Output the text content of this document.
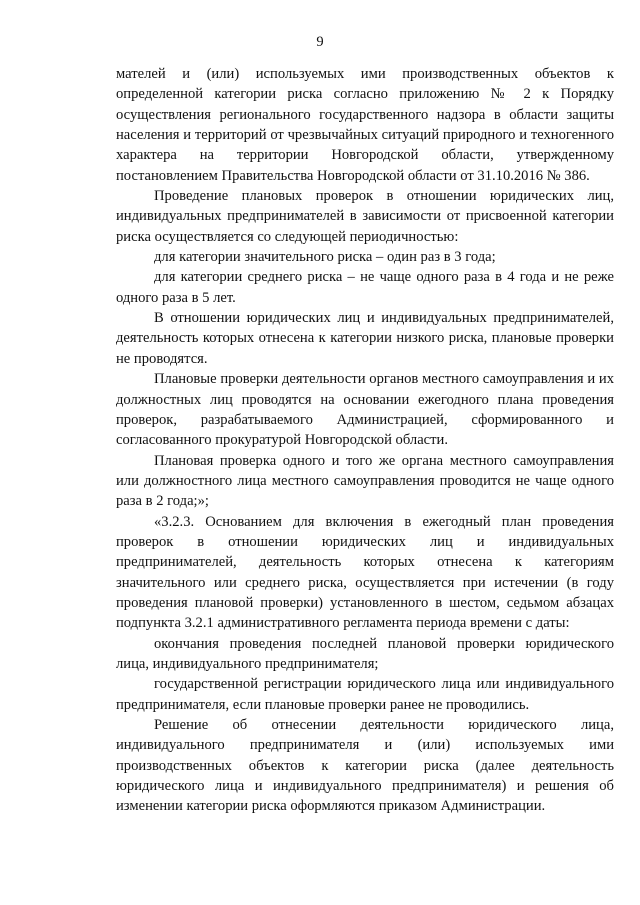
9

мателей и (или) используемых ими производственных объектов к определенной категории риска согласно приложению № 2 к Порядку осуществления регионального государственного надзора в области защиты населения и территорий от чрезвычайных ситуаций природного и техногенного характера на территории Новгородской области, утвержденному постановлением Правительства Новгородской области от 31.10.2016 № 386.

Проведение плановых проверок в отношении юридических лиц, индивидуальных предпринимателей в зависимости от присвоенной категории риска осуществляется со следующей периодичностью:

для категории значительного риска – один раз в 3 года;

для категории среднего риска – не чаще одного раза в 4 года и не реже одного раза в 5 лет.

В отношении юридических лиц и индивидуальных предпринимателей, деятельность которых отнесена к категории низкого риска, плановые проверки не проводятся.

Плановые проверки деятельности органов местного самоуправления и их должностных лиц проводятся на основании ежегодного плана проведения проверок, разрабатываемого Администрацией, сформированного и согласованного прокуратурой Новгородской области.

Плановая проверка одного и того же органа местного самоуправления или должностного лица местного самоуправления проводится не чаще одного раза в 2 года;»;

«3.2.3. Основанием для включения в ежегодный план проведения проверок в отношении юридических лиц и индивидуальных предпринимателей, деятельность которых отнесена к категориям значительного или среднего риска, осуществляется при истечении (в году проведения плановой проверки) установленного в шестом, седьмом абзацах подпункта 3.2.1 административного регламента периода времени с даты:

окончания проведения последней плановой проверки юридического лица, индивидуального предпринимателя;

государственной регистрации юридического лица или индивидуального предпринимателя, если плановые проверки ранее не проводились.

Решение об отнесении деятельности юридического лица, индивидуального предпринимателя и (или) используемых ими производственных объектов к категории риска (далее деятельность юридического лица и индивидуального предпринимателя) и решения об изменении категории риска оформляются приказом Администрации.
